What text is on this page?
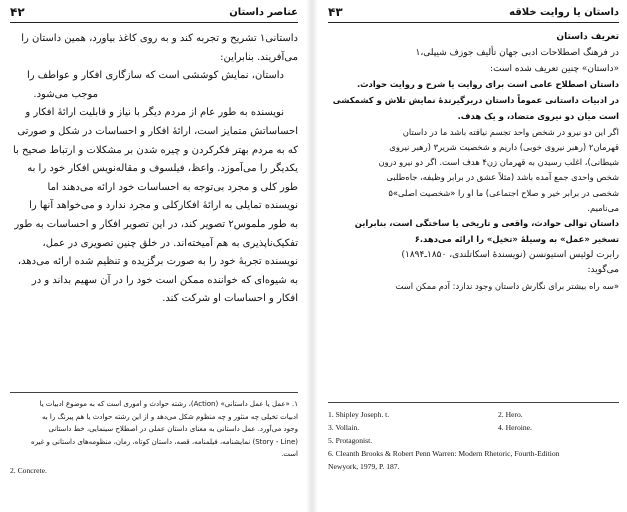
۴۲	عناصر داستان

داستانی‌۱ تشریح و تجربه کند و به روی کاغذ بیاورد، همین داستان را

می‌آفریند. بنابراین:

داستان، نمایش کوششی است که سازگاری افکار و عواطف را

موجب می‌شود.

نویسنده به طور عام از مردم دیگر با نیاز و قابلیت ارائهٔ افکار و

احساساتش متمایز است، ارائهٔ افکار و احساسات در شکل و صورتی

که به مردم بهتر فکرکردن و چیره شدن بر مشکلات و ارتباط صحیح با

یکدیگر را می‌آموزد. واعظ، فیلسوف و مقاله‌نویس افکار خود را به

طور کلی و مجرد بی‌توجه به احساسات خود ارائه می‌دهند اما

نویسنده تمایلی به ارائهٔ افکارکلی و مجرد ندارد و می‌خواهد آنها را

به طور ملموس‌۲ تصویر کند، در این تصویر افکار و احساسات به طور

تفکیک‌ناپذیری به هم آمیخته‌اند. در خلق چنین تصویری در عمل،

نویسنده تجربهٔ خود را به صورت برگزیده و تنظیم شده ارائه می‌دهد،

به شیوه‌ای که خواننده ممکن است خود را در آن سهیم بداند و در

افکار و احساسات او شرکت کند.

۱. «عمل یا عمل داستانی» (Action)، رشته حوادث و اموری است که به موضوع ادبیات یا

ادبیات تخیلی چه منثور و چه منظوم شکل می‌دهد و از این رشته حوادث یا هم پیرنگ را به

وجود می‌آورد. عمل داستانی به معنای داستان عملی در اصطلاح سینمایی، خط داستانی

(Story - Line) نمایشنامه، فیلمنامه، قصه، داستان کوتاه، رمان، منظومه‌های داستانی و غیره

است.

2. Concrete.

۴۳	داستان یا روایت خلاقه

تعریف داستان

در فرهنگ اصطلاحات ادبی جهان تألیف جوزف شیپلی،‌۱

«داستان» چنین تعریف شده است:

داستان اصطلاح عامی است برای روایت یا شرح و روایت حوادث.

در ادبیات داستانی عموماً داستان دربرگیرندهٔ نمایش تلاش و کشمکشی

است میان دو نیروی متضاد، و یک هدف.

اگر این دو نیرو در شخص واحد تجسم نیافته باشد ما در داستان

قهرمان‌۲ (رهبر نیروی خوبی) داریم و شخصیت شریر‌۳ (رهبر نیروی

شیطانی)، اغلب رسیدن به قهرمان زن‌۴ هدف است. اگر دو نیرو درون

شخص واحدی جمع آمده باشد (مثلاً عشق در برابر وظیفه، جاه‌طلبی

شخصی در برابر خیر و صلاح اجتماعی) ما او را «شخصیت اصلی»‌۵

می‌نامیم.

داستان توالی حوادث، واقعی و تاریخی یا ساختگی است، بنابراین

تسخیر «عمل» به وسیلهٔ «تخیل» را ارائه می‌دهد.‌۶

رابرت لوئیس استیونسن (نویسندهٔ اسکاتلندی، ۱۸۵۰ـ۱۸۹۴)

می‌گوید:

«سه راه بیشتر برای نگارش داستان وجود ندارد: آدم ممکن است

1. Shipley Joseph. t.	2. Hero.
3. Vollain.	4. Heroine.
5. Protagonist.
6. Cleanth Brooks & Robert Penn Warren: Modern Rhetoric, Fourth-Edition
Newyork, 1979, P. 187.
